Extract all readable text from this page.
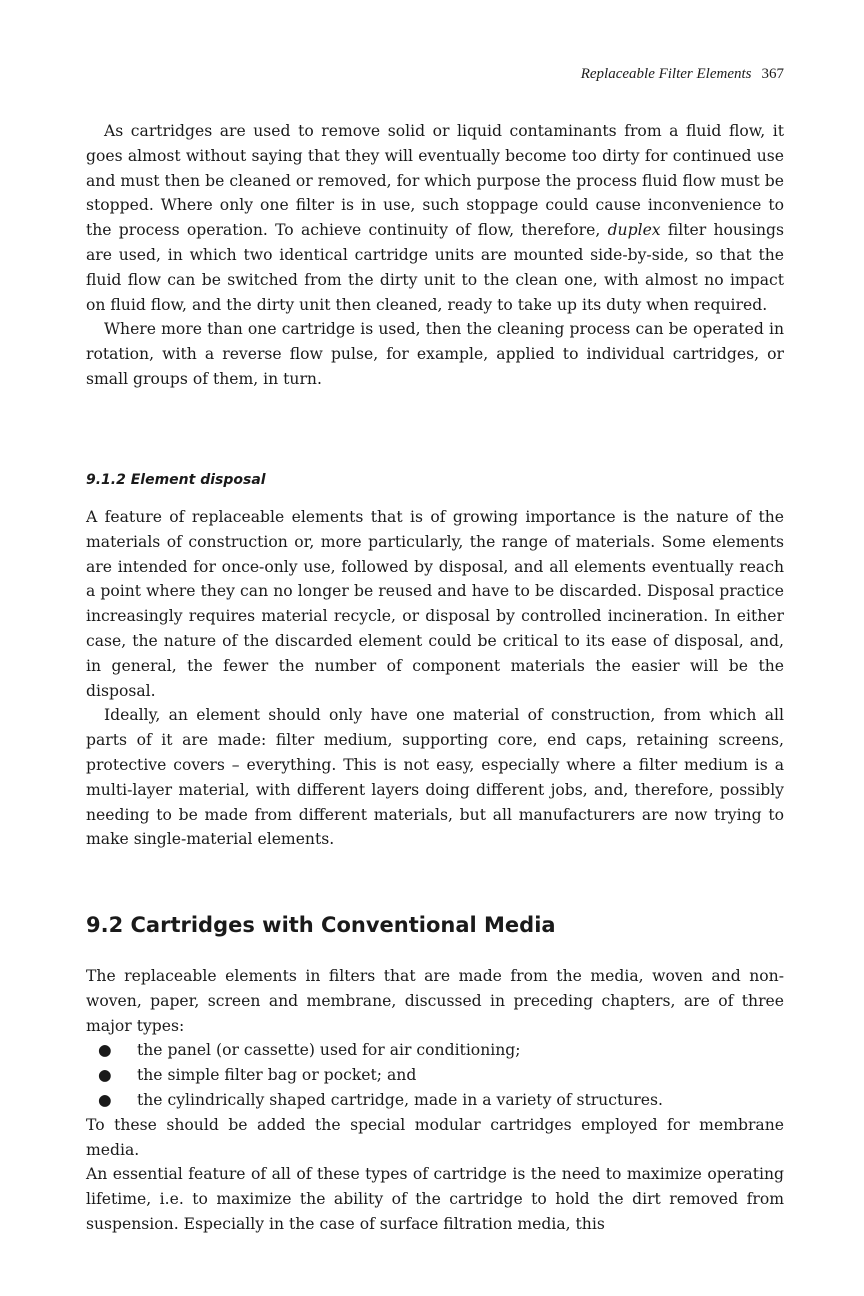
Replaceable Filter Elements 367

As cartridges are used to remove solid or liquid contaminants from a fluid flow, it goes almost without saying that they will eventually become too dirty for continued use and must then be cleaned or removed, for which purpose the process fluid flow must be stopped. Where only one filter is in use, such stoppage could cause inconvenience to the process operation. To achieve continuity of flow, therefore, duplex filter housings are used, in which two identical cartridge units are mounted side-by-side, so that the fluid flow can be switched from the dirty unit to the clean one, with almost no impact on fluid flow, and the dirty unit then cleaned, ready to take up its duty when required.

Where more than one cartridge is used, then the cleaning process can be operated in rotation, with a reverse flow pulse, for example, applied to individual cartridges, or small groups of them, in turn.

9.1.2 Element disposal

A feature of replaceable elements that is of growing importance is the nature of the materials of construction or, more particularly, the range of materials. Some elements are intended for once-only use, followed by disposal, and all elements eventually reach a point where they can no longer be reused and have to be discarded. Disposal practice increasingly requires material recycle, or disposal by controlled incineration. In either case, the nature of the discarded element could be critical to its ease of disposal, and, in general, the fewer the number of component materials the easier will be the disposal.

Ideally, an element should only have one material of construction, from which all parts of it are made: filter medium, supporting core, end caps, retaining screens, protective covers – everything. This is not easy, especially where a filter medium is a multi-layer material, with different layers doing different jobs, and, therefore, possibly needing to be made from different materials, but all manufacturers are now trying to make single-material elements.

9.2 Cartridges with Conventional Media

The replaceable elements in filters that are made from the media, woven and non-woven, paper, screen and membrane, discussed in preceding chapters, are of three major types:

● the panel (or cassette) used for air conditioning;
● the simple filter bag or pocket; and
● the cylindrically shaped cartridge, made in a variety of structures.

To these should be added the special modular cartridges employed for membrane media.

An essential feature of all of these types of cartridge is the need to maximize operating lifetime, i.e. to maximize the ability of the cartridge to hold the dirt removed from suspension. Especially in the case of surface filtration media, this
